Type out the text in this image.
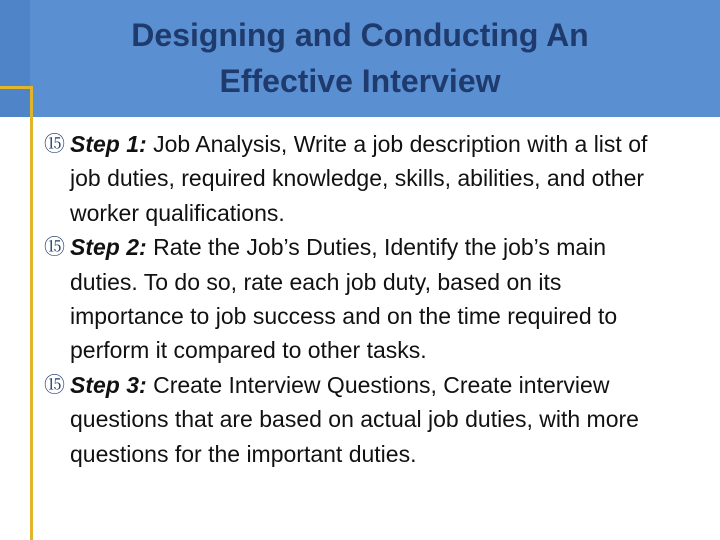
Designing and Conducting An
Effective Interview
⑮ Step 1: Job Analysis, Write a job description with a list of job duties, required knowledge, skills, abilities, and other worker qualifications.
⑮ Step 2: Rate the Job’s Duties, Identify the job’s main duties. To do so, rate each job duty, based on its importance to job success and on the time required to perform it compared to other tasks.
⑮ Step 3: Create Interview Questions, Create interview questions that are based on actual job duties, with more questions for the important duties.
